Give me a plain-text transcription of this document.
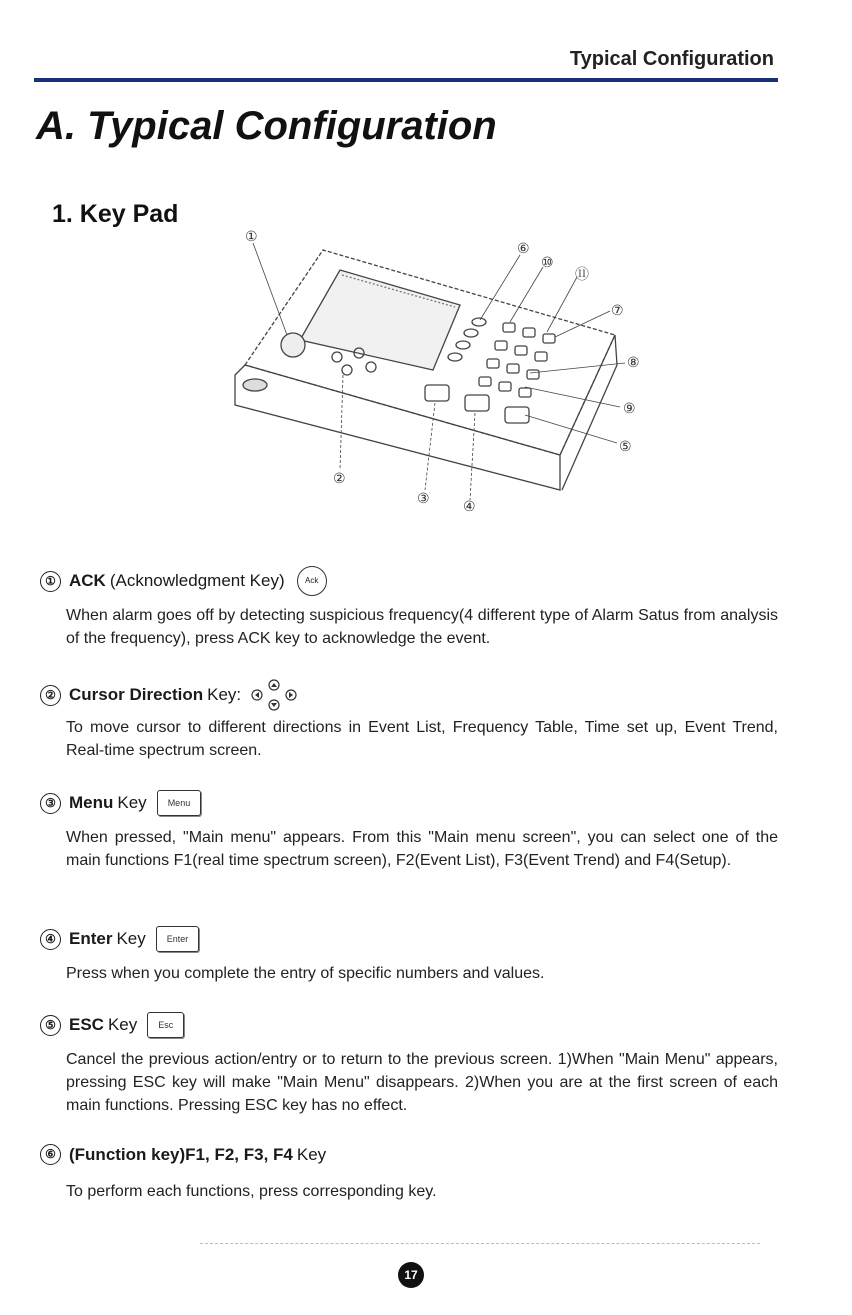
Typical Configuration
A. Typical Configuration
1. Key Pad
①
②
③ ④
⑤
⑥
⑦
⑧
⑨
⑩
⑪
① ACK (Acknowledgment Key)	Ack
When alarm goes off by detecting suspicious frequency(4 different type of Alarm Satus from analysis of the frequency), press ACK key to acknowledge the event.
② Cursor Direction Key:
To move cursor to different directions in Event List, Frequency Table, Time set up, Event Trend, Real-time spectrum screen.
③ Menu Key	Menu
When pressed, "Main menu" appears. From this "Main menu screen", you can select one of the main functions F1(real time spectrum screen), F2(Event List), F3(Event Trend) and F4(Setup).
④ Enter Key	Enter
Press when you complete the entry of specific numbers and values.
⑤ ESC Key	Esc
Cancel the previous action/entry or to return to the previous screen. 1)When "Main Menu" appears, pressing ESC key will make "Main Menu" disappears. 2)When you are at the first screen of each main functions. Pressing ESC key has no effect.
⑥ (Function key)F1, F2, F3, F4 Key
To perform each functions, press corresponding key.
17
